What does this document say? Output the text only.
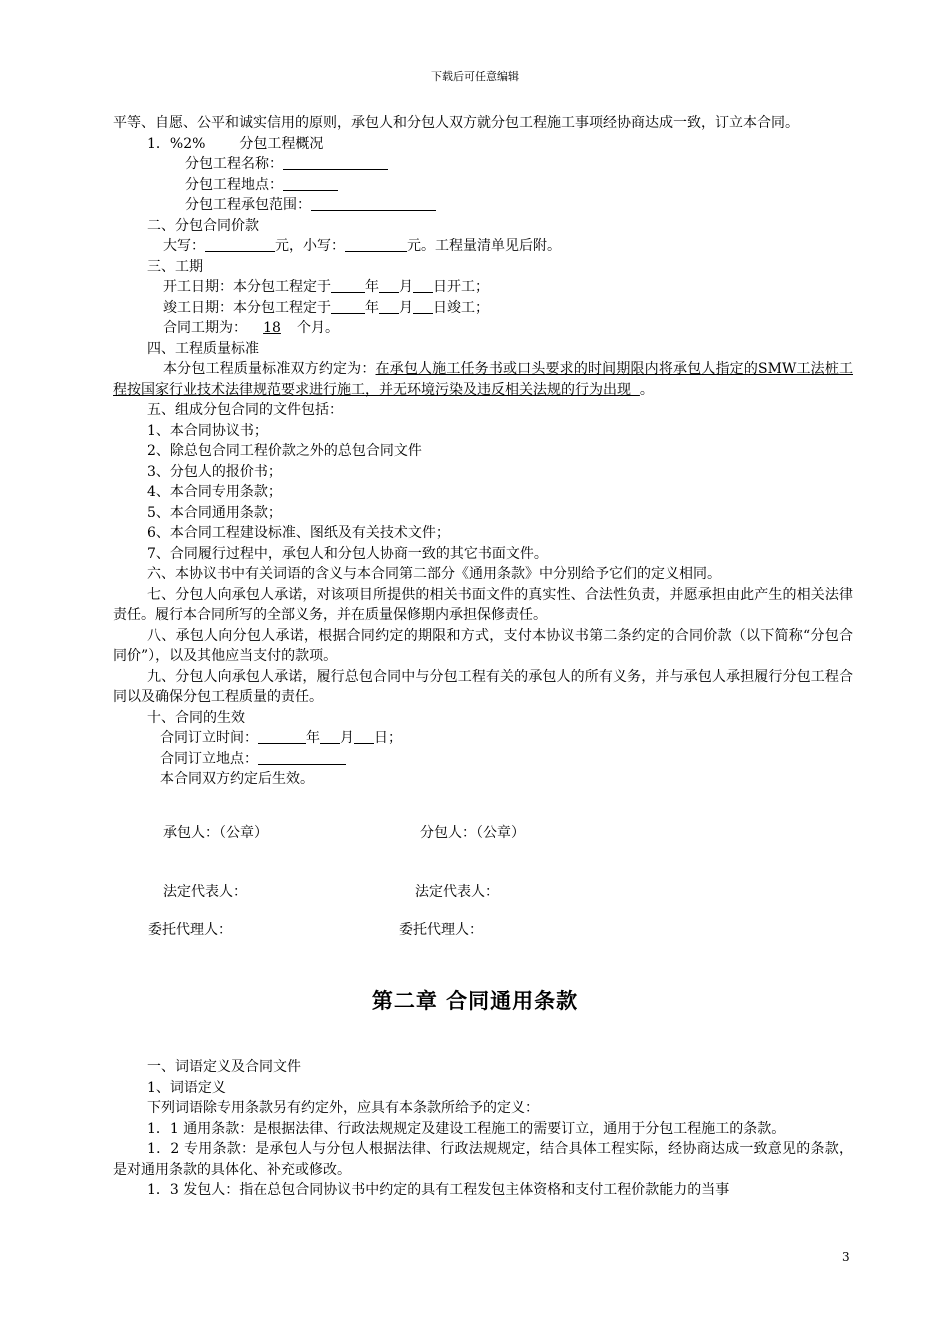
下载后可任意编辑

平等、自愿、公平和诚实信用的原则，承包人和分包人双方就分包工程施工事项经协商达成一致，订立本合同。

1．%2% 分包工程概况

分包工程名称：

分包工程地点：

分包工程承包范围：

二、分包合同价款

大写：	元，小写：	元。工程量清单见后附。

三、工期

开工日期：本分包工程定于 年 月 日开工；

竣工日期：本分包工程定于 年 月 日竣工；

合同工期为： 18 个月。

四、工程质量标准

本分包工程质量标准双方约定为：在承包人施工任务书或口头要求的时间期限内将承包人指定的SMW工法桩工程按国家行业技术法律规范要求进行施工，并无环境污染及违反相关法规的行为出现 。

五、组成分包合同的文件包括：

1、本合同协议书；

2、除总包合同工程价款之外的总包合同文件

3、分包人的报价书；

4、本合同专用条款；

5、本合同通用条款；

6、本合同工程建设标准、图纸及有关技术文件；

7、合同履行过程中，承包人和分包人协商一致的其它书面文件。

六、本协议书中有关词语的含义与本合同第二部分《通用条款》中分别给予它们的定义相同。

七、分包人向承包人承诺，对该项目所提供的相关书面文件的真实性、合法性负责，并愿承担由此产生的相关法律责任。履行本合同所写的全部义务，并在质量保修期内承担保修责任。

八、承包人向分包人承诺，根据合同约定的期限和方式，支付本协议书第二条约定的合同价款（以下简称“分包合同价”），以及其他应当支付的款项。

九、分包人向承包人承诺，履行总包合同中与分包工程有关的承包人的所有义务，并与承包人承担履行分包工程合同以及确保分包工程质量的责任。

十、合同的生效

合同订立时间：	年 月 日；

合同订立地点：

本合同双方约定后生效。

承包人：（公章）	分包人：（公章）
法定代表人：	法定代表人：
委托代理人：	委托代理人：
第二章 合同通用条款

一、词语定义及合同文件

1、词语定义

下列词语除专用条款另有约定外，应具有本条款所给予的定义：

1．1 通用条款：是根据法律、行政法规规定及建设工程施工的需要订立，通用于分包工程施工的条款。

1．2 专用条款：是承包人与分包人根据法律、行政法规规定，结合具体工程实际，经协商达成一致意见的条款，是对通用条款的具体化、补充或修改。

1．3 发包人：指在总包合同协议书中约定的具有工程发包主体资格和支付工程价款能力的当事

3
